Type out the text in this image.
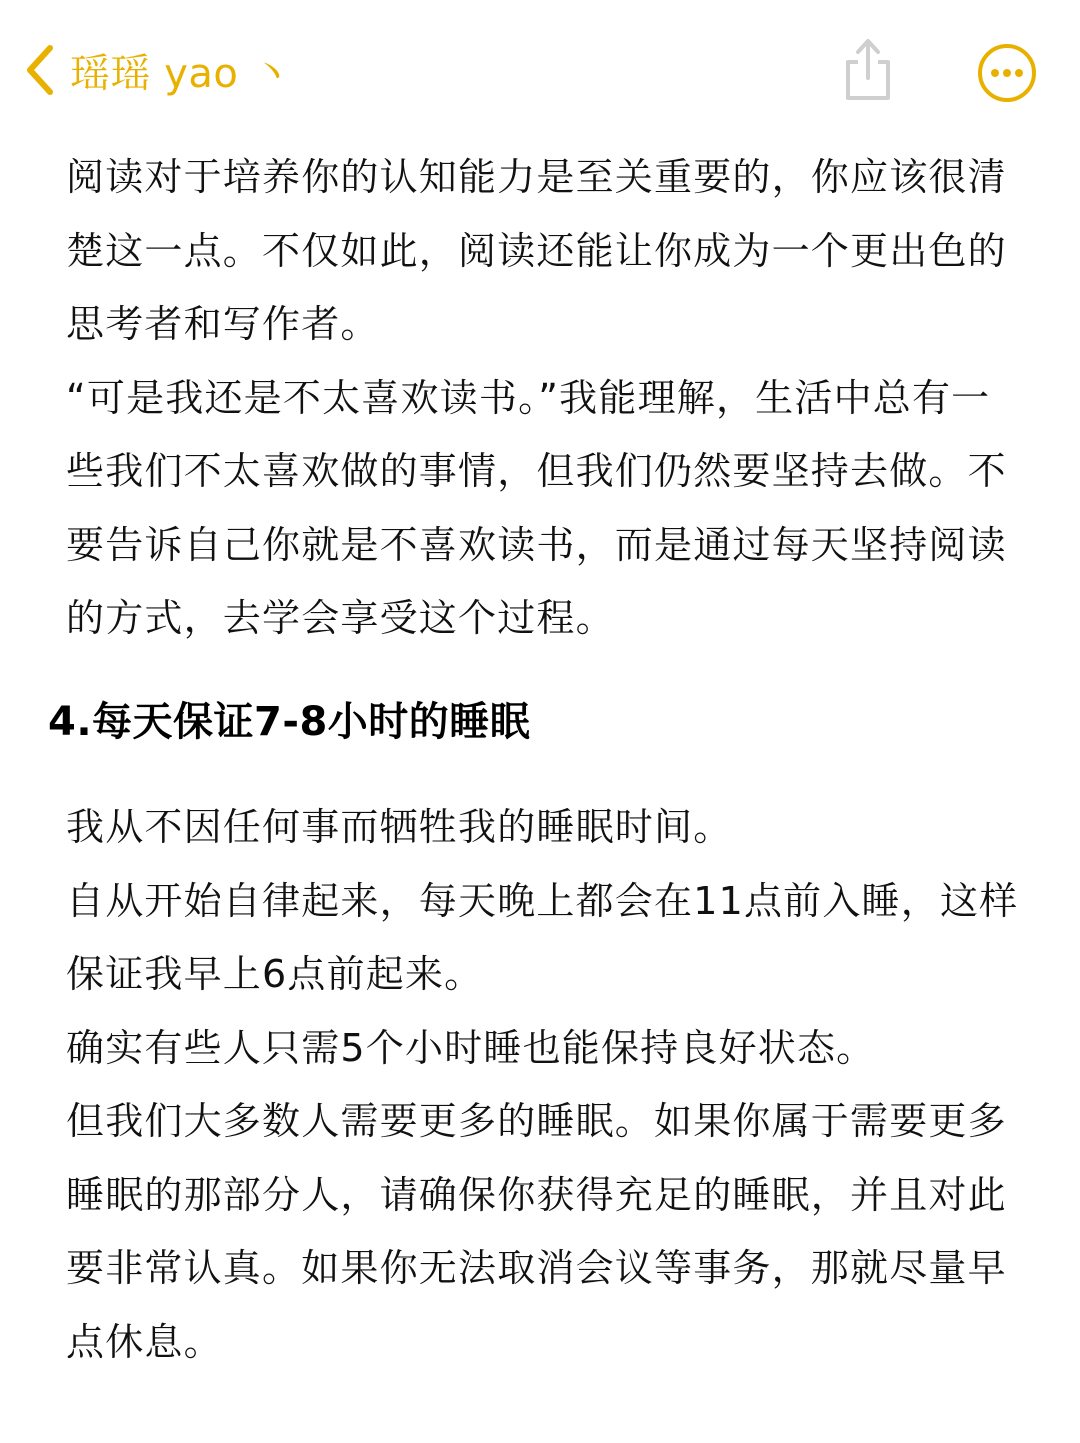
瑶瑶 yao 丶

阅读对于培养你的认知能力是至关重要的，你应该很清楚这一点。不仅如此，阅读还能让你成为一个更出色的思考者和写作者。

“可是我还是不太喜欢读书。”我能理解，生活中总有一些我们不太喜欢做的事情，但我们仍然要坚持去做。不要告诉自己你就是不喜欢读书，而是通过每天坚持阅读的方式，去学会享受这个过程。

4.每天保证7-8小时的睡眠

我从不因任何事而牺牲我的睡眠时间。

自从开始自律起来，每天晚上都会在11点前入睡，这样保证我早上6点前起来。

确实有些人只需5个小时睡也能保持良好状态。

但我们大多数人需要更多的睡眠。如果你属于需要更多睡眠的那部分人，请确保你获得充足的睡眠，并且对此要非常认真。如果你无法取消会议等事务，那就尽量早点休息。
